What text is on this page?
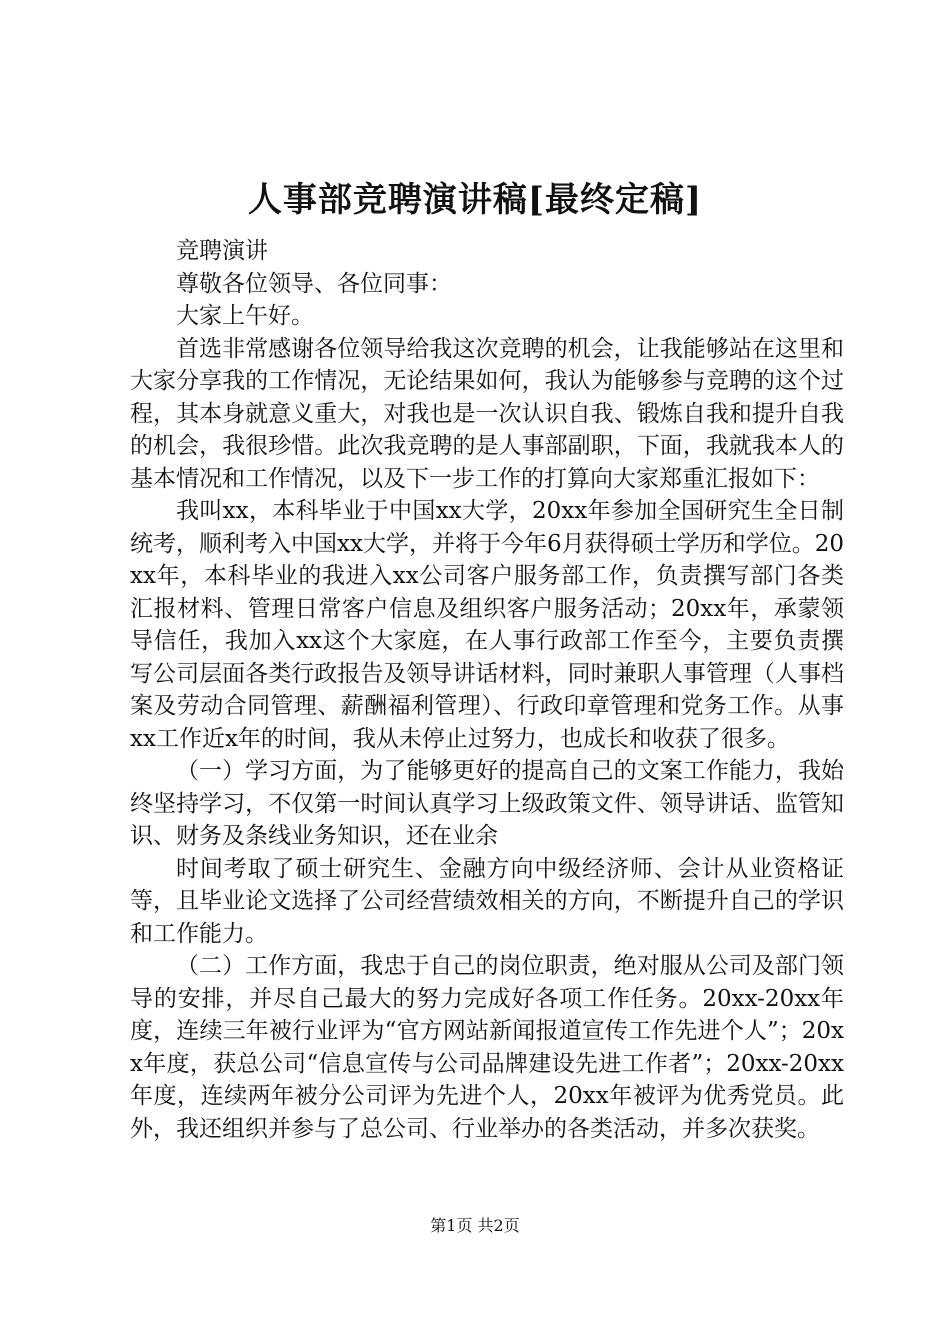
人事部竞聘演讲稿[最终定稿]

竞聘演讲

尊敬各位领导、各位同事：

大家上午好。

首选非常感谢各位领导给我这次竞聘的机会，让我能够站在这里和大家分享我的工作情况，无论结果如何，我认为能够参与竞聘的这个过程，其本身就意义重大，对我也是一次认识自我、锻炼自我和提升自我的机会，我很珍惜。此次我竞聘的是人事部副职，下面，我就我本人的基本情况和工作情况，以及下一步工作的打算向大家郑重汇报如下：

我叫xx，本科毕业于中国xx大学，20xx年参加全国研究生全日制统考，顺利考入中国xx大学，并将于今年6月获得硕士学历和学位。20xx年，本科毕业的我进入xx公司客户服务部工作，负责撰写部门各类汇报材料、管理日常客户信息及组织客户服务活动；20xx年，承蒙领导信任，我加入xx这个大家庭，在人事行政部工作至今，主要负责撰写公司层面各类行政报告及领导讲话材料，同时兼职人事管理（人事档案及劳动合同管理、薪酬福利管理）、行政印章管理和党务工作。从事xx工作近x年的时间，我从未停止过努力，也成长和收获了很多。

（一）学习方面，为了能够更好的提高自己的文案工作能力，我始终坚持学习，不仅第一时间认真学习上级政策文件、领导讲话、监管知识、财务及条线业务知识，还在业余

时间考取了硕士研究生、金融方向中级经济师、会计从业资格证等，且毕业论文选择了公司经营绩效相关的方向，不断提升自己的学识和工作能力。

（二）工作方面，我忠于自己的岗位职责，绝对服从公司及部门领导的安排，并尽自己最大的努力完成好各项工作任务。20xx-20xx年度，连续三年被行业评为“官方网站新闻报道宣传工作先进个人”；20xx年度，获总公司“信息宣传与公司品牌建设先进工作者”；20xx-20xx年度，连续两年被分公司评为先进个人，20xx年被评为优秀党员。此外，我还组织并参与了总公司、行业举办的各类活动，并多次获奖。

第1页 共2页
